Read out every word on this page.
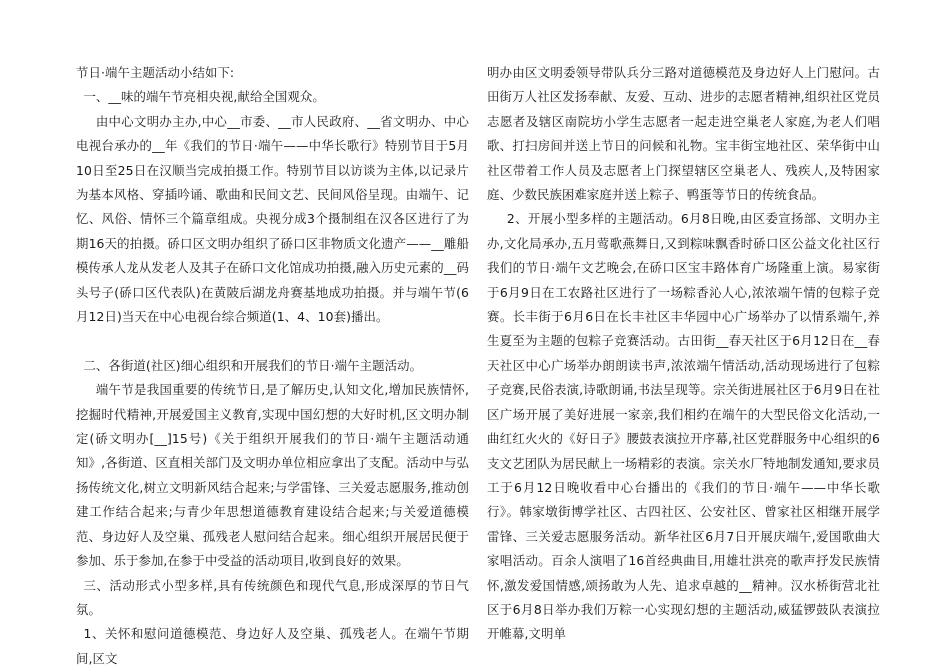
节日·端午主题活动小结如下:

一、__味的端午节亮相央视,献给全国观众。

由中心文明办主办,中心__市委、__市人民政府、__省文明办、中心电视台承办的__年《我们的节日·端午——中华长歌行》特别节目于5月10日至25日在汉顺当完成拍摄工作。特别节目以访谈为主体,以记录片为基本风格、穿插吟诵、歌曲和民间文艺、民间风俗呈现。由端午、记忆、风俗、情怀三个篇章组成。央视分成3个摄制组在汉各区进行了为期16天的拍摄。硚口区文明办组织了硚口区非物质文化遗产——__雕船模传承人龙从发老人及其子在硚口文化馆成功拍摄,融入历史元素的__码头号子(硚口区代表队)在黄陂后湖龙舟赛基地成功拍摄。并与端午节(6月12日)当天在中心电视台综合频道(1、4、10套)播出。

二、各街道(社区)细心组织和开展我们的节日·端午主题活动。

端午节是我国重要的传统节日,是了解历史,认知文化,增加民族情怀,挖掘时代精神,开展爱国主义教育,实现中国幻想的大好时机,区文明办制定(硚文明办[__]15号)《关于组织开展我们的节日·端午主题活动通知》,各街道、区直相关部门及文明办单位相应拿出了支配。活动中与弘扬传统文化,树立文明新风结合起来;与学雷锋、三关爱志愿服务,推动创建工作结合起来;与青少年思想道德教育建设结合起来;与关爱道德模范、身边好人及空巢、孤残老人慰问结合起来。细心组织开展居民便于参加、乐于参加,在参于中受益的活动项目,收到良好的效果。

三、活动形式小型多样,具有传统颜色和现代气息,形成深厚的节日气氛。

1、关怀和慰问道德模范、身边好人及空巢、孤残老人。在端午节期间,区文

明办由区文明委领导带队兵分三路对道德模范及身边好人上门慰问。古田街万人社区发扬奉献、友爱、互动、进步的志愿者精神,组织社区党员志愿者及辖区南院坊小学生志愿者一起走进空巢老人家庭,为老人们唱歌、打扫房间并送上节日的问候和礼物。宝丰街宝地社区、荣华街中山社区带着工作人员及志愿者上门探望辖区空巢老人、残疾人,及特困家庭、少数民族困难家庭并送上粽子、鸭蛋等节日的传统食品。

2、开展小型多样的主题活动。6月8日晚,由区委宣扬部、文明办主办,文化局承办,五月莺歌燕舞日,又到粽味飘香时硚口区公益文化社区行我们的节日·端午文艺晚会,在硚口区宝丰路体育广场隆重上演。易家街于6月9日在工农路社区进行了一场粽香沁人心,浓浓端午情的包粽子竞赛。长丰街于6月6日在长丰社区丰华园中心广场举办了以情系端午,养生夏至为主题的包粽子竞赛活动。古田街__春天社区于6月12日在__春天社区中心广场举办朗朗读书声,浓浓端午情活动,活动现场进行了包粽子竞赛,民俗表演,诗歌朗诵,书法呈现等。宗关街进展社区于6月9日在社区广场开展了美好进展一家亲,我们相约在端午的大型民俗文化活动,一曲红红火火的《好日子》腰鼓表演拉开序幕,社区党群服务中心组织的6支文艺团队为居民献上一场精彩的表演。宗关水厂特地制发通知,要求员工于6月12日晚收看中心台播出的《我们的节日·端午——中华长歌行》。韩家墩街博学社区、古四社区、公安社区、曾家社区相继开展学雷锋、三关爱志愿服务活动。新华社区6月7日开展庆端午,爱国歌曲大家唱活动。百余人演唱了16首经典曲目,用雄壮洪亮的歌声抒发民族情怀,激发爱国情感,颂扬敢为人先、追求卓越的__精神。汉水桥街营北社区于6月8日举办我们万粽一心实现幻想的主题活动,威猛锣鼓队表演拉开帷幕,文明单
